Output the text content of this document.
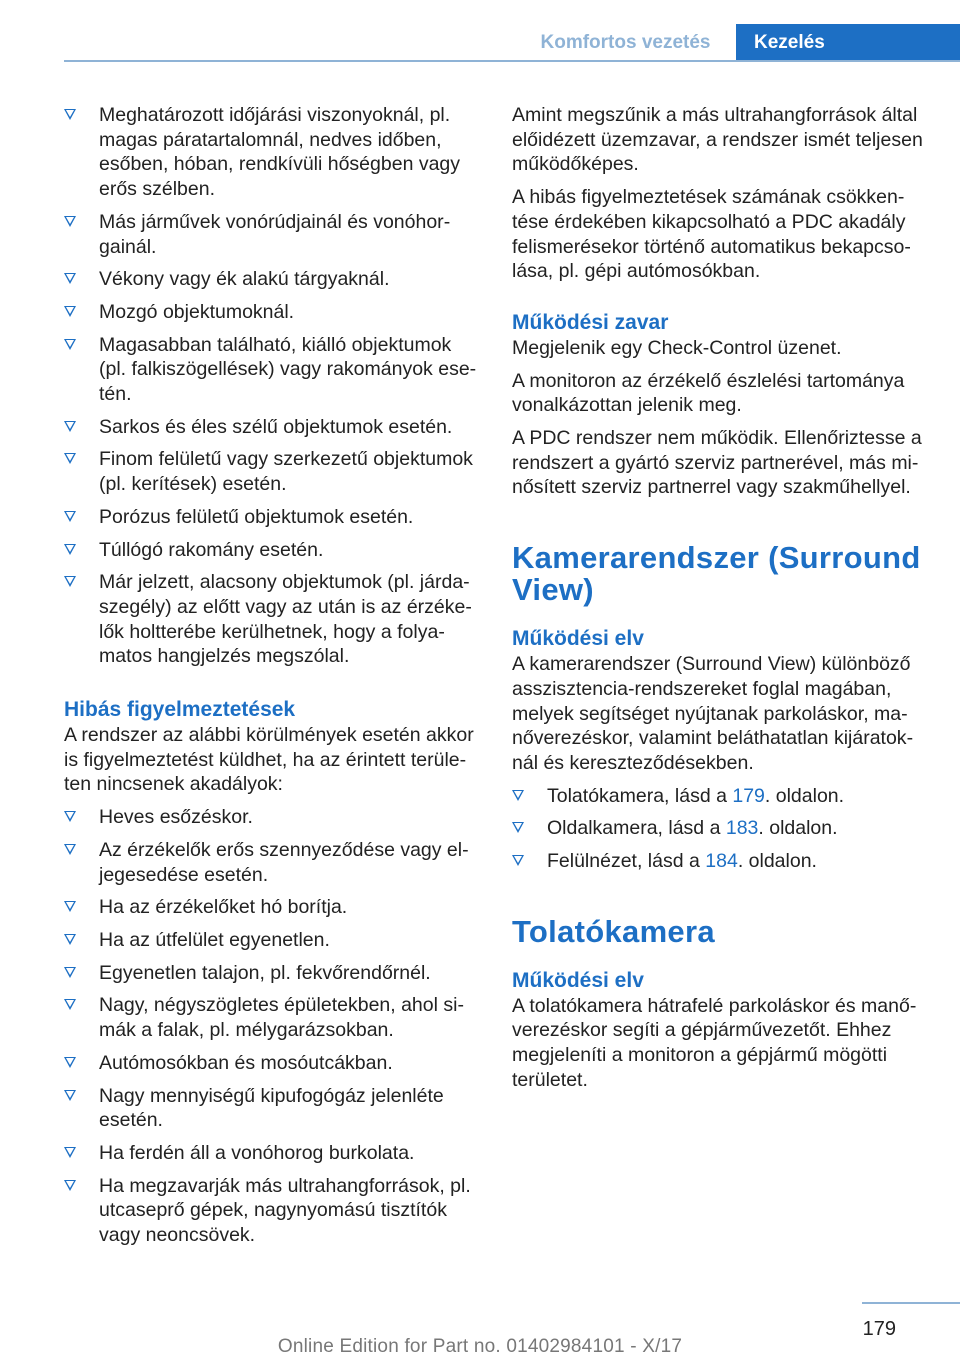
Komfortos vezetés	Kezelés
Meghatározott időjárási viszonyoknál, pl. magas páratartalomnál, nedves időben, esőben, hóban, rendkívüli hőségben vagy erős szélben.
Más járművek vonórúdjainál és vonóhorgainál.
Vékony vagy ék alakú tárgyaknál.
Mozgó objektumoknál.
Magasabban található, kiálló objektumok (pl. falkiszögellések) vagy rakományok esetén.
Sarkos és éles szélű objektumok esetén.
Finom felületű vagy szerkezetű objektumok (pl. kerítések) esetén.
Porózus felületű objektumok esetén.
Túllógó rakomány esetén.
Már jelzett, alacsony objektumok (pl. járdaszegély) az előtt vagy az után is az érzékelők holtterébe kerülhetnek, hogy a folyamatos hangjelzés megszólal.
Hibás figyelmeztetések

A rendszer az alábbi körülmények esetén akkor is figyelmeztetést küldhet, ha az érintett területen nincsenek akadályok:

Heves esőzéskor.
Az érzékelők erős szennyeződése vagy eljegesedése esetén.
Ha az érzékelőket hó borítja.
Ha az útfelület egyenetlen.
Egyenetlen talajon, pl. fekvőrendőrnél.
Nagy, négyszögletes épületekben, ahol simák a falak, pl. mélygarázsokban.
Autómosókban és mosóutcákban.
Nagy mennyiségű kipufogógáz jelenléte esetén.
Ha ferdén áll a vonóhorog burkolata.
Ha megzavarják más ultrahangforrások, pl. utcaseprő gépek, nagynyomású tisztítók vagy neoncsövek.

Amint megszűnik a más ultrahangforrások által előidézett üzemzavar, a rendszer ismét teljesen működőképes.

A hibás figyelmeztetések számának csökkentése érdekében kikapcsolható a PDC akadály felismerésekor történő automatikus bekapcsolása, pl. gépi autómosókban.

Működési zavar

Megjelenik egy Check-Control üzenet.

A monitoron az érzékelő észlelési tartománya vonalkázottan jelenik meg.

A PDC rendszer nem működik. Ellenőriztesse a rendszert a gyártó szerviz partnerével, más minősített szerviz partnerrel vagy szakműhellyel.

Kamerarendszer (Surround View)
Működési elv

A kamerarendszer (Surround View) különböző asszisztencia-rendszereket foglal magában, melyek segítséget nyújtanak parkoláskor, manőverezéskor, valamint beláthatatlan kijáratoknál és kereszteződésekben.

Tolatókamera, lásd a 179. oldalon.
Oldalkamera, lásd a 183. oldalon.
Felülnézet, lásd a 184. oldalon.
Tolatókamera
Működési elv

A tolatókamera hátrafelé parkoláskor és manőverezéskor segíti a gépjárművezetőt. Ehhez megjeleníti a monitoron a gépjármű mögötti területet.

179
Online Edition for Part no. 01402984101 - X/17
